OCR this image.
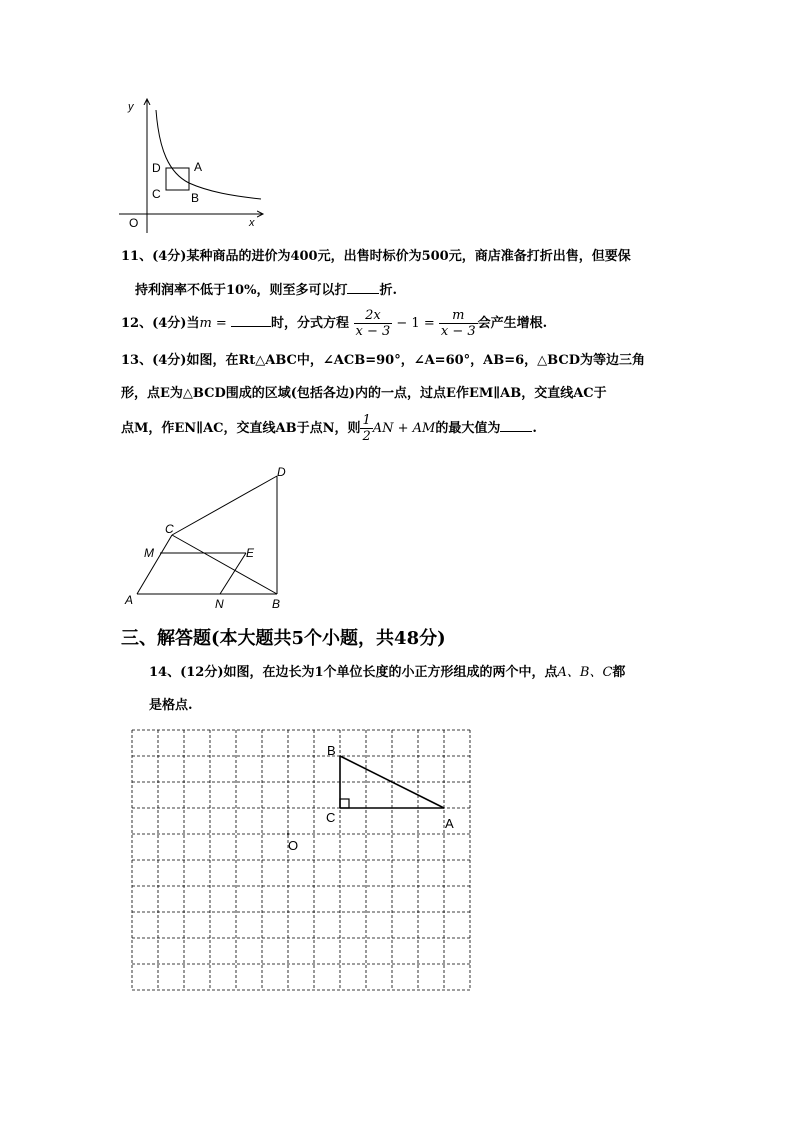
y
x
O
D	A
C	B
11、(4分)某种商品的进价为400元，出售时标价为500元，商店准备打折出售，但要保
持利润率不低于10%，则至多可以打 折.
12、(4分)当m =	时，分式方程 $\frac{2x}{x - 3} - 1 = \frac{m}{x - 3}$ 会产生增根.
13、(4分)如图，在Rt△ABC中，∠ACB=90°，∠A=60°，AB=6，△BCD为等边三角
形，点E为△BCD围成的区域(包括各边)内的一点，过点E作EM∥AB，交直线AC于
点M，作EN∥AC，交直线AB于点N，则 $\frac{1}{2}$ AN + AM的最大值为 .
D
C
M	E
A	N	B
三、解答题(本大题共5个小题，共48分)
14、(12分)如图，在边长为1个单位长度的小正方形组成的两个中，点A、B、C都
是格点.
B
C	A
O
